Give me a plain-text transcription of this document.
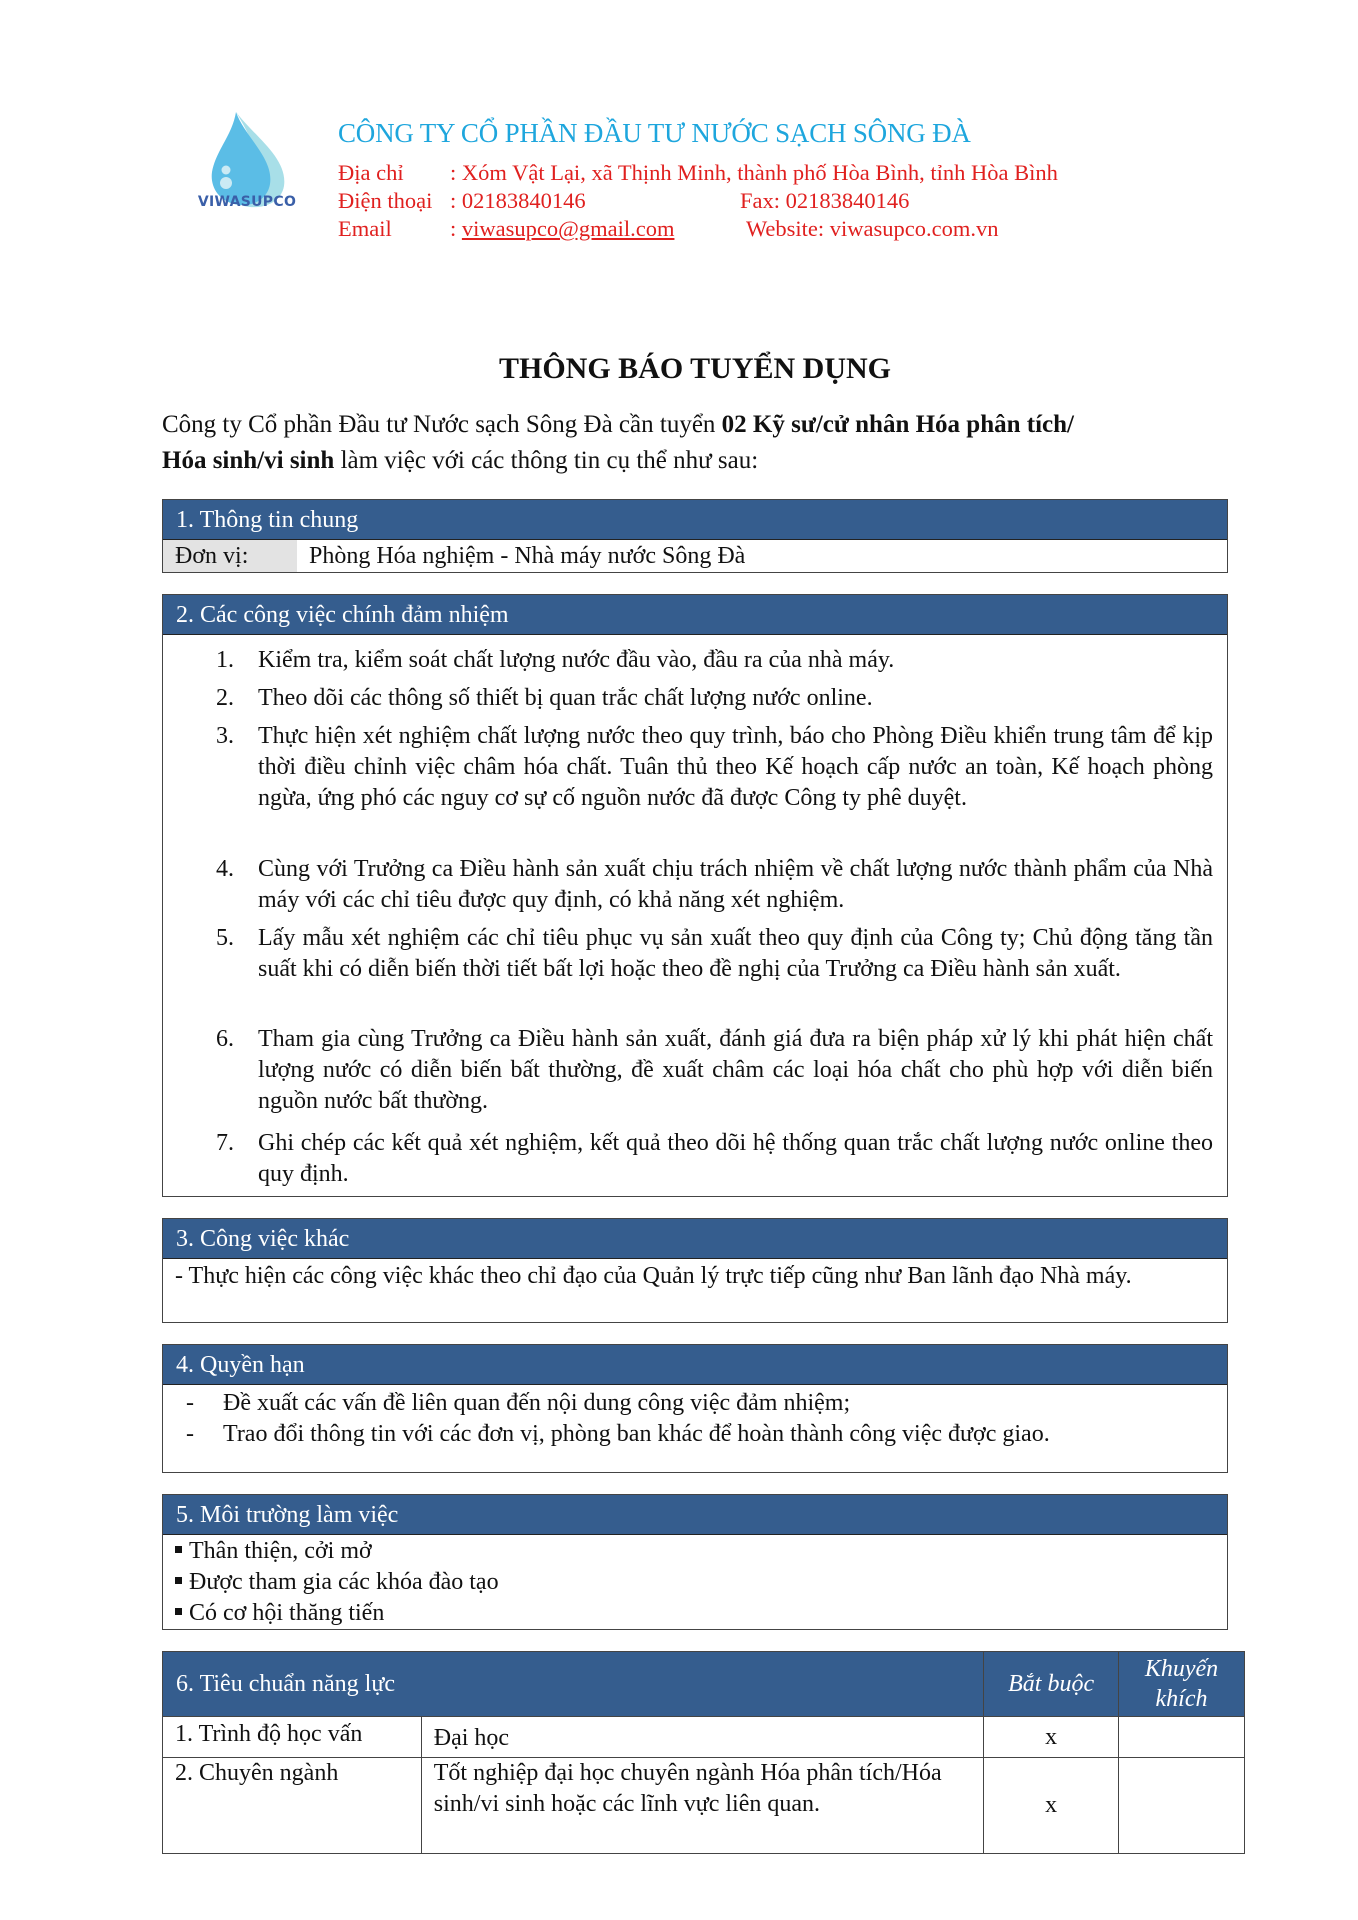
VIWASUPCO
CÔNG TY CỔ PHẦN ĐẦU TƯ NƯỚC SẠCH SÔNG ĐÀ
Địa chỉ : Xóm Vật Lại, xã Thịnh Minh, thành phố Hòa Bình, tỉnh Hòa Bình
Điện thoại : 02183840146	Fax: 02183840146
Email	: viwasupco@gmail.com	Website: viwasupco.com.vn
THÔNG BÁO TUYỂN DỤNG
Công ty Cổ phần Đầu tư Nước sạch Sông Đà cần tuyển 02 Kỹ sư/cử nhân Hóa phân tích/
Hóa sinh/vi sinh làm việc với các thông tin cụ thể như sau:
1. Thông tin chung
Đơn vị:	Phòng Hóa nghiệm - Nhà máy nước Sông Đà
2. Các công việc chính đảm nhiệm
1. Kiểm tra, kiểm soát chất lượng nước đầu vào, đầu ra của nhà máy.
2. Theo dõi các thông số thiết bị quan trắc chất lượng nước online.
3. Thực hiện xét nghiệm chất lượng nước theo quy trình, báo cho Phòng Điều khiển trung tâm để kịp thời điều chỉnh việc châm hóa chất. Tuân thủ theo Kế hoạch cấp nước an toàn, Kế hoạch phòng ngừa, ứng phó các nguy cơ sự cố nguồn nước đã được Công ty phê duyệt.
4. Cùng với Trưởng ca Điều hành sản xuất chịu trách nhiệm về chất lượng nước thành phẩm của Nhà máy với các chỉ tiêu được quy định, có khả năng xét nghiệm.
5. Lấy mẫu xét nghiệm các chỉ tiêu phục vụ sản xuất theo quy định của Công ty; Chủ động tăng tần suất khi có diễn biến thời tiết bất lợi hoặc theo đề nghị của Trưởng ca Điều hành sản xuất.
6. Tham gia cùng Trưởng ca Điều hành sản xuất, đánh giá đưa ra biện pháp xử lý khi phát hiện chất lượng nước có diễn biến bất thường, đề xuất châm các loại hóa chất cho phù hợp với diễn biến nguồn nước bất thường.
7. Ghi chép các kết quả xét nghiệm, kết quả theo dõi hệ thống quan trắc chất lượng nước online theo quy định.
3. Công việc khác
- Thực hiện các công việc khác theo chỉ đạo của Quản lý trực tiếp cũng như Ban lãnh đạo Nhà máy.
4. Quyền hạn
- Đề xuất các vấn đề liên quan đến nội dung công việc đảm nhiệm;
- Trao đổi thông tin với các đơn vị, phòng ban khác để hoàn thành công việc được giao.
5. Môi trường làm việc
Thân thiện, cởi mở
Được tham gia các khóa đào tạo
Có cơ hội thăng tiến
6. Tiêu chuẩn năng lực		Bắt buộc	Khuyến
khích
1. Trình độ học vấn	Đại học	x	
2. Chuyên ngành	Tốt nghiệp đại học chuyên ngành Hóa phân tích/Hóa sinh/vi sinh hoặc các lĩnh vực liên quan.	x	
